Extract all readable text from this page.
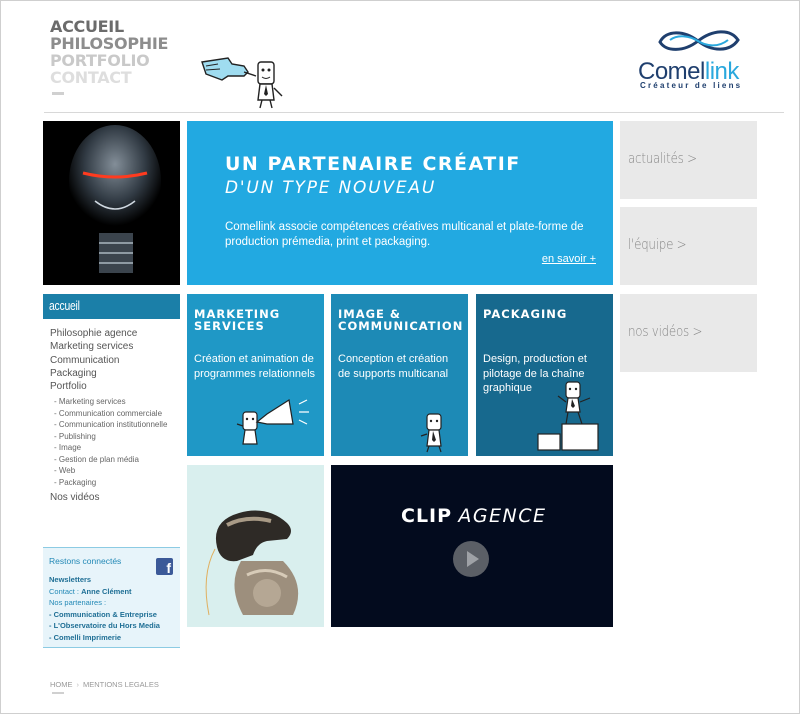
ACCUEIL
PHILOSOPHIE
PORTFOLIO
CONTACT	Comellink
Créateur de liens
UN PARTENAIRE CRÉATIF
D'UN TYPE NOUVEAU
Comellink associe compétences créatives multicanal et plate-forme de production prémedia, print et packaging.
en savoir +
actualités >
l'équipe >
nos vidéos >
accueil
Philosophie agence
Marketing services
Communication
Packaging
Portfolio
- Marketing services
- Communication commerciale
- Communication institutionnelle
- Publishing
- Image
- Gestion de plan média
- Web
- Packaging
Nos vidéos
MARKETING
SERVICES
Création et animation de programmes relationnels
IMAGE &
COMMUNICATION
Conception et création de supports multicanal
PACKAGING

Design, production et pilotage de la chaîne graphique
CLIP AGENCE
Restons connectés	f
Newsletters
Contact : Anne Clément
Nos partenaires :
- Communication & Entreprise
- L'Observatoire du Hors Media
- Comelli Imprimerie
HOME › MENTIONS LEGALES
